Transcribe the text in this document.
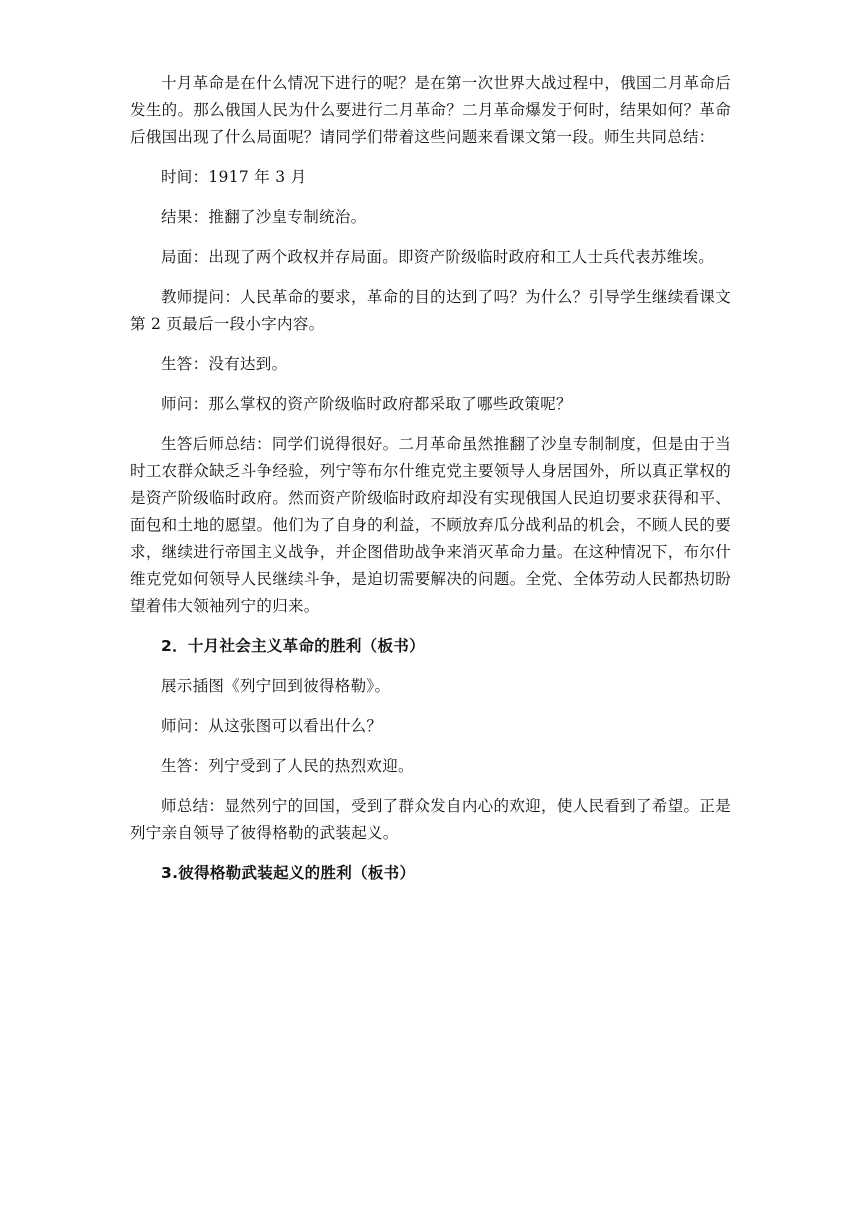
十月革命是在什么情况下进行的呢？是在第一次世界大战过程中，俄国二月革命后发生的。那么俄国人民为什么要进行二月革命？二月革命爆发于何时，结果如何？革命后俄国出现了什么局面呢？请同学们带着这些问题来看课文第一段。师生共同总结：

时间：1917 年 3 月

结果：推翻了沙皇专制统治。

局面：出现了两个政权并存局面。即资产阶级临时政府和工人士兵代表苏维埃。

教师提问：人民革命的要求，革命的目的达到了吗？为什么？引导学生继续看课文第 2 页最后一段小字内容。

生答：没有达到。

师问：那么掌权的资产阶级临时政府都采取了哪些政策呢？

生答后师总结：同学们说得很好。二月革命虽然推翻了沙皇专制制度，但是由于当时工农群众缺乏斗争经验，列宁等布尔什维克党主要领导人身居国外，所以真正掌权的是资产阶级临时政府。然而资产阶级临时政府却没有实现俄国人民迫切要求获得和平、面包和土地的愿望。他们为了自身的利益，不顾放弃瓜分战利品的机会，不顾人民的要求，继续进行帝国主义战争，并企图借助战争来消灭革命力量。在这种情况下，布尔什维克党如何领导人民继续斗争，是迫切需要解决的问题。全党、全体劳动人民都热切盼望着伟大领袖列宁的归来。

2．十月社会主义革命的胜利（板书）

展示插图《列宁回到彼得格勒》。

师问：从这张图可以看出什么？

生答：列宁受到了人民的热烈欢迎。

师总结：显然列宁的回国，受到了群众发自内心的欢迎，使人民看到了希望。正是列宁亲自领导了彼得格勒的武装起义。

3.彼得格勒武装起义的胜利（板书）
